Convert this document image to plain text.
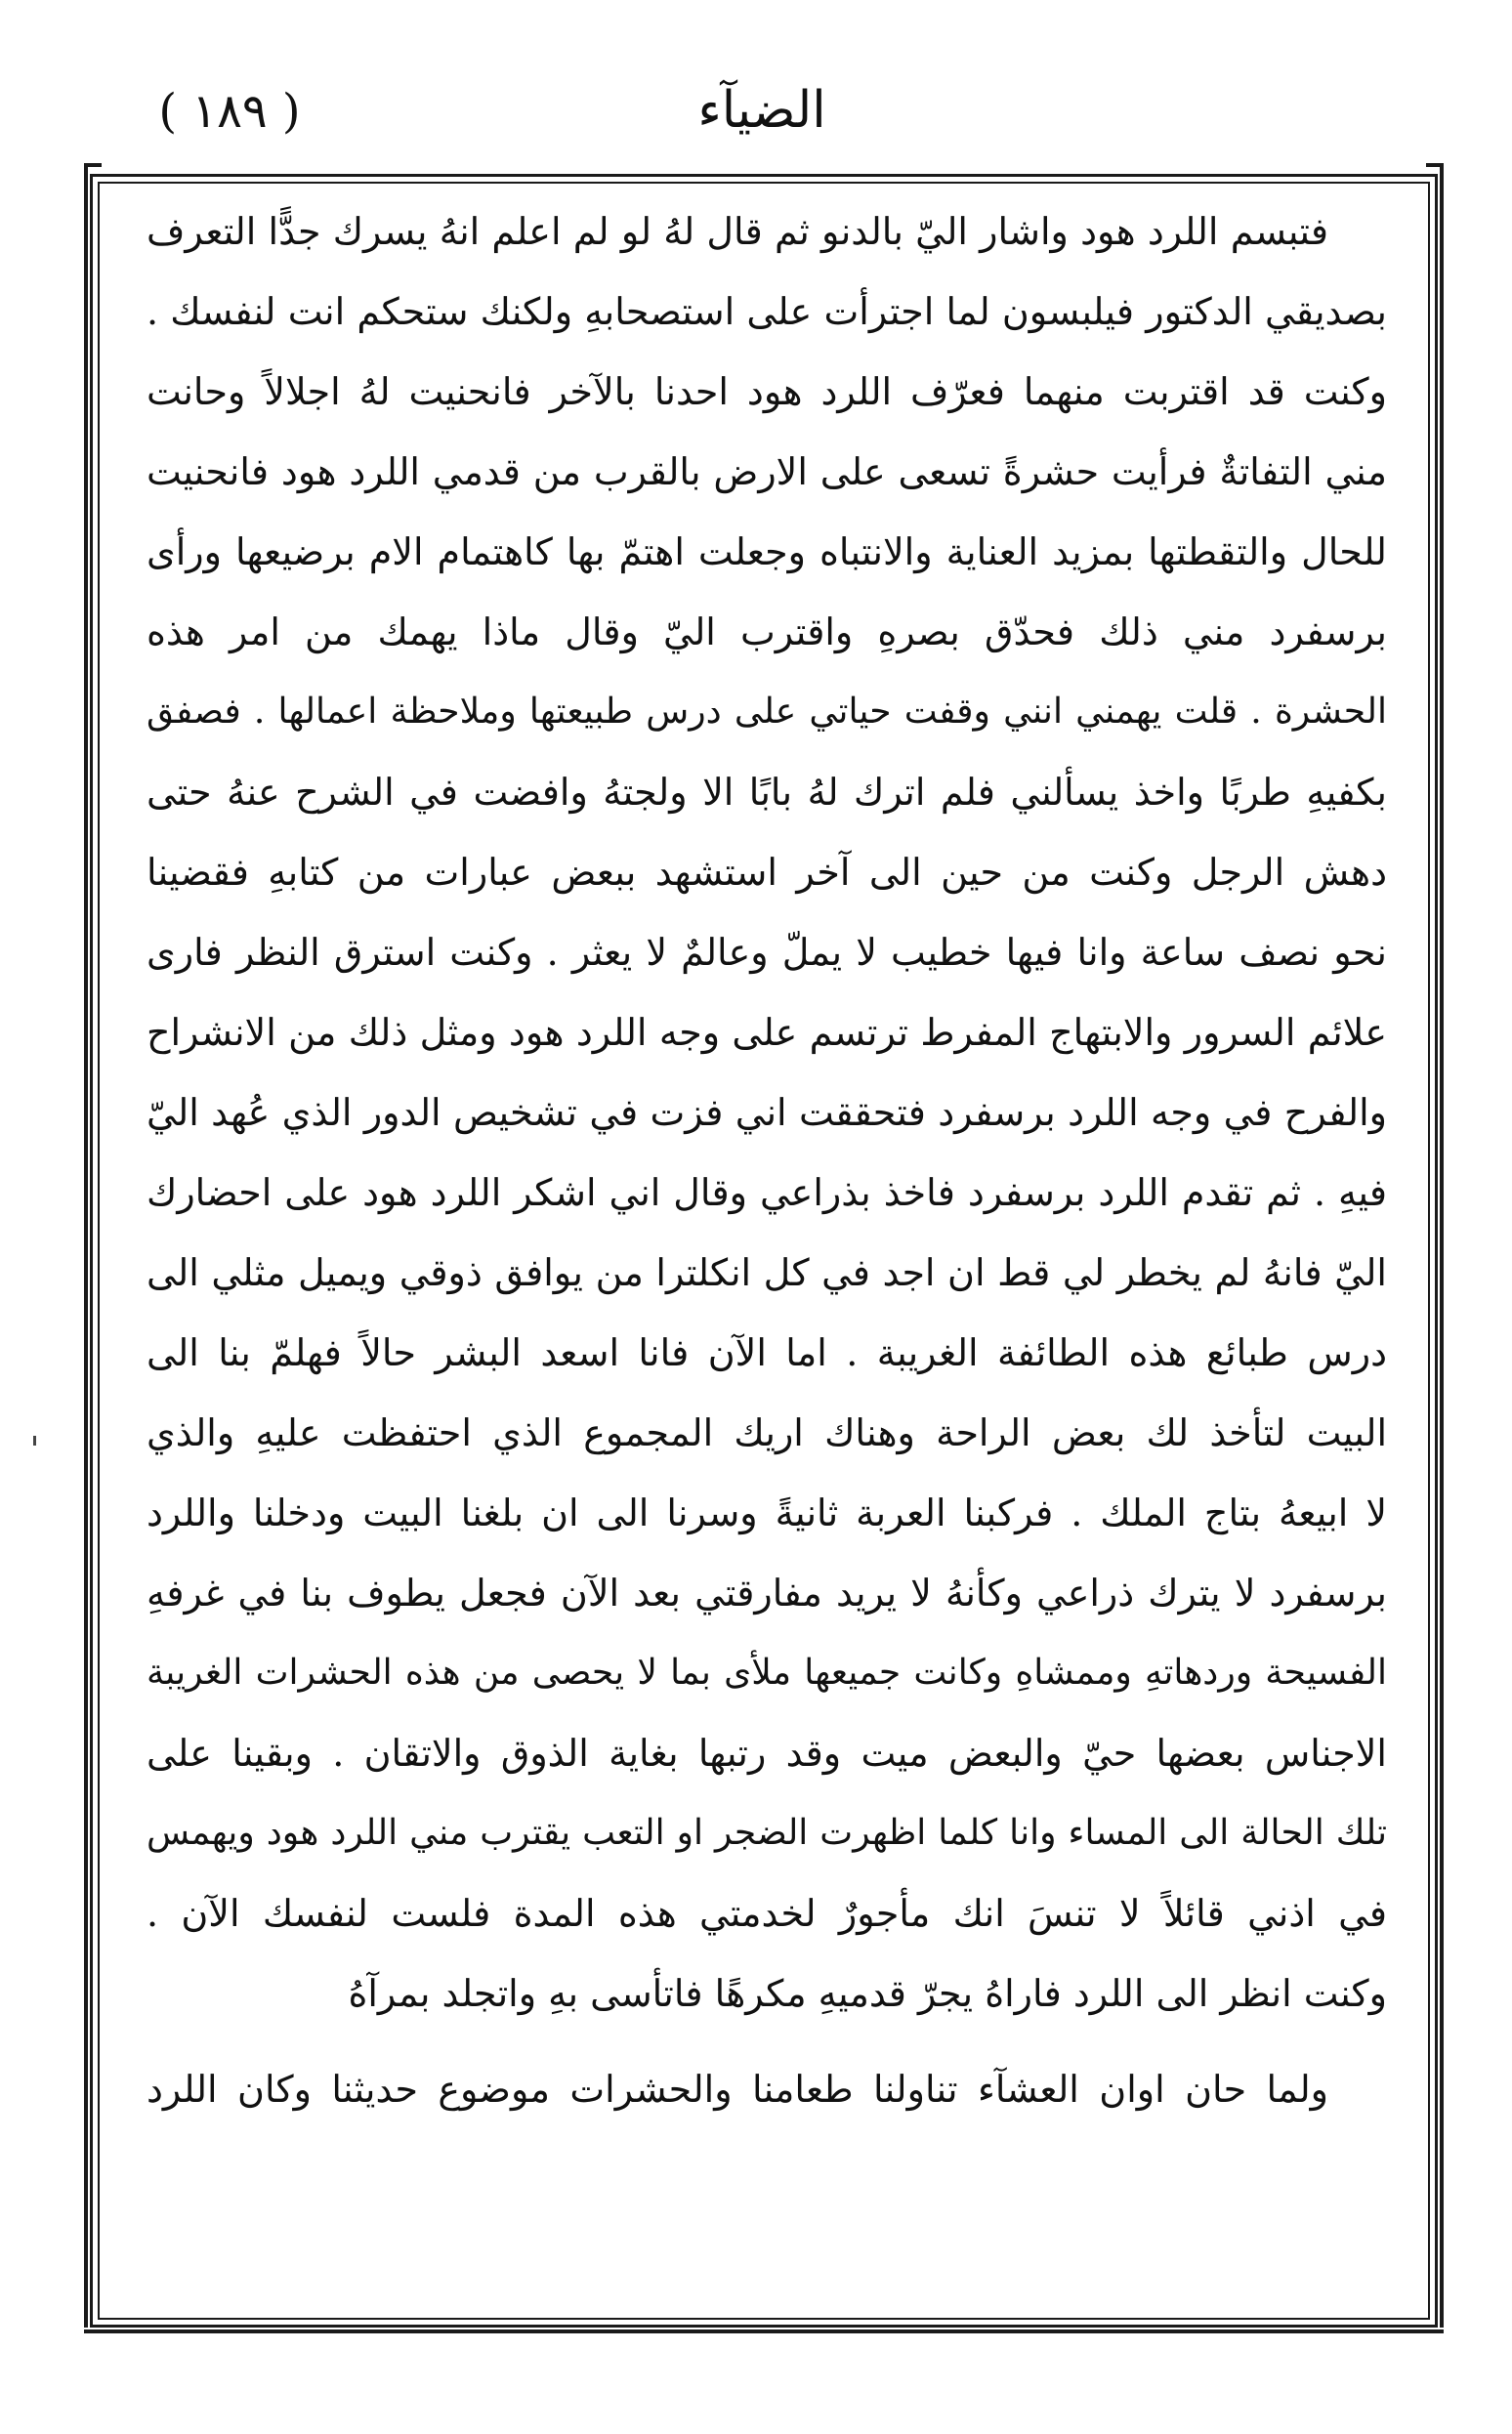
الضيآء
( ١٨٩ )
فتبسم اللرد هود واشار اليّ بالدنو ثم قال لهُ لو لم اعلم انهُ يسرك جدًّا التعرف
بصديقي الدكتور فيلبسون لما اجترأت على استصحابهِ ولكنك ستحكم انت لنفسك .
وكنت قد اقتربت منهما فعرّف اللرد هود احدنا بالآخر فانحنيت لهُ اجلالاً وحانت
مني التفاتةٌ فرأيت حشرةً تسعى على الارض بالقرب من قدمي اللرد هود فانحنيت
للحال والتقطتها بمزيد العناية والانتباه وجعلت اهتمّ بها كاهتمام الام برضيعها ورأى
برسفرد مني ذلك فحدّق بصرهِ واقترب اليّ وقال ماذا يهمك من امر هذه
الحشرة . قلت يهمني انني وقفت حياتي على درس طبيعتها وملاحظة اعمالها . فصفق
بكفيهِ طربًا واخذ يسألني فلم اترك لهُ بابًا الا ولجتهُ وافضت في الشرح عنهُ حتى
دهش الرجل وكنت من حين الى آخر استشهد ببعض عبارات من كتابهِ فقضينا
نحو نصف ساعة وانا فيها خطيب لا يملّ وعالمٌ لا يعثر . وكنت استرق النظر فارى
علائم السرور والابتهاج المفرط ترتسم على وجه اللرد هود ومثل ذلك من الانشراح
والفرح في وجه اللرد برسفرد فتحققت اني فزت في تشخيص الدور الذي عُهد اليّ
فيهِ . ثم تقدم اللرد برسفرد فاخذ بذراعي وقال اني اشكر اللرد هود على احضارك
اليّ فانهُ لم يخطر لي قط ان اجد في كل انكلترا من يوافق ذوقي ويميل مثلي الى
درس طبائع هذه الطائفة الغريبة . اما الآن فانا اسعد البشر حالاً فهلمّ بنا الى
البيت لتأخذ لك بعض الراحة وهناك اريك المجموع الذي احتفظت عليهِ والذي
لا ابيعهُ بتاج الملك . فركبنا العربة ثانيةً وسرنا الى ان بلغنا البيت ودخلنا واللرد
برسفرد لا يترك ذراعي وكأنهُ لا يريد مفارقتي بعد الآن فجعل يطوف بنا في غرفهِ
الفسيحة وردهاتهِ وممشاهِ وكانت جميعها ملأى بما لا يحصى من هذه الحشرات الغريبة
الاجناس بعضها حيّ والبعض ميت وقد رتبها بغاية الذوق والاتقان . وبقينا على
تلك الحالة الى المساء وانا كلما اظهرت الضجر او التعب يقترب مني اللرد هود ويهمس
في اذني قائلاً لا تنسَ انك مأجورٌ لخدمتي هذه المدة فلست لنفسك الآن .
وكنت انظر الى اللرد فاراهُ يجرّ قدميهِ مكرهًا فاتأسى بهِ واتجلد بمرآهُ
ولما حان اوان العشآء تناولنا طعامنا والحشرات موضوع حديثنا وكان اللرد
